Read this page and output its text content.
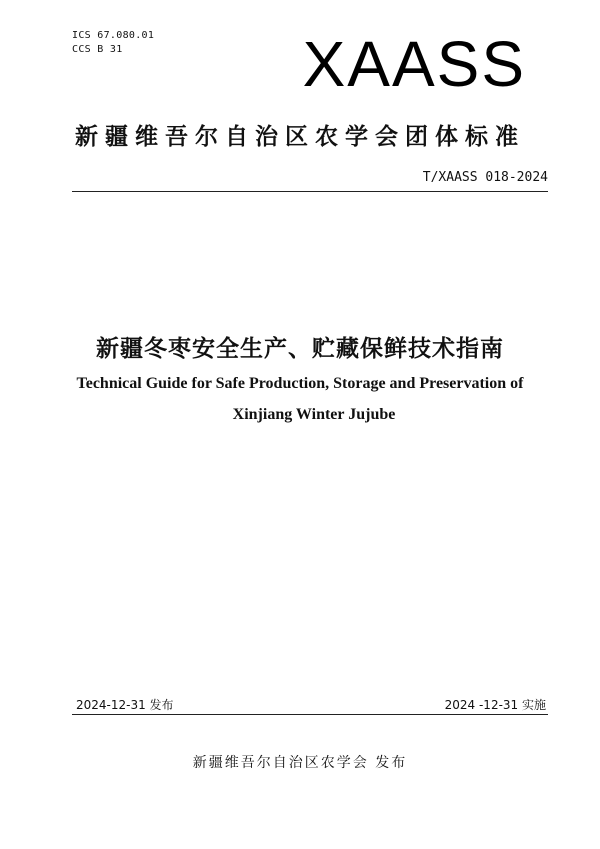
ICS 67.080.01
CCS B 31	XAASS
新疆维吾尔自治区农学会团体标准
T/XAASS 018-2024
新疆冬枣安全生产、贮藏保鲜技术指南
Technical Guide for Safe Production, Storage and Preservation of
Xinjiang Winter Jujube
2024-12-31 发布	2024 -12-31 实施
新疆维吾尔自治区农学会 发布
